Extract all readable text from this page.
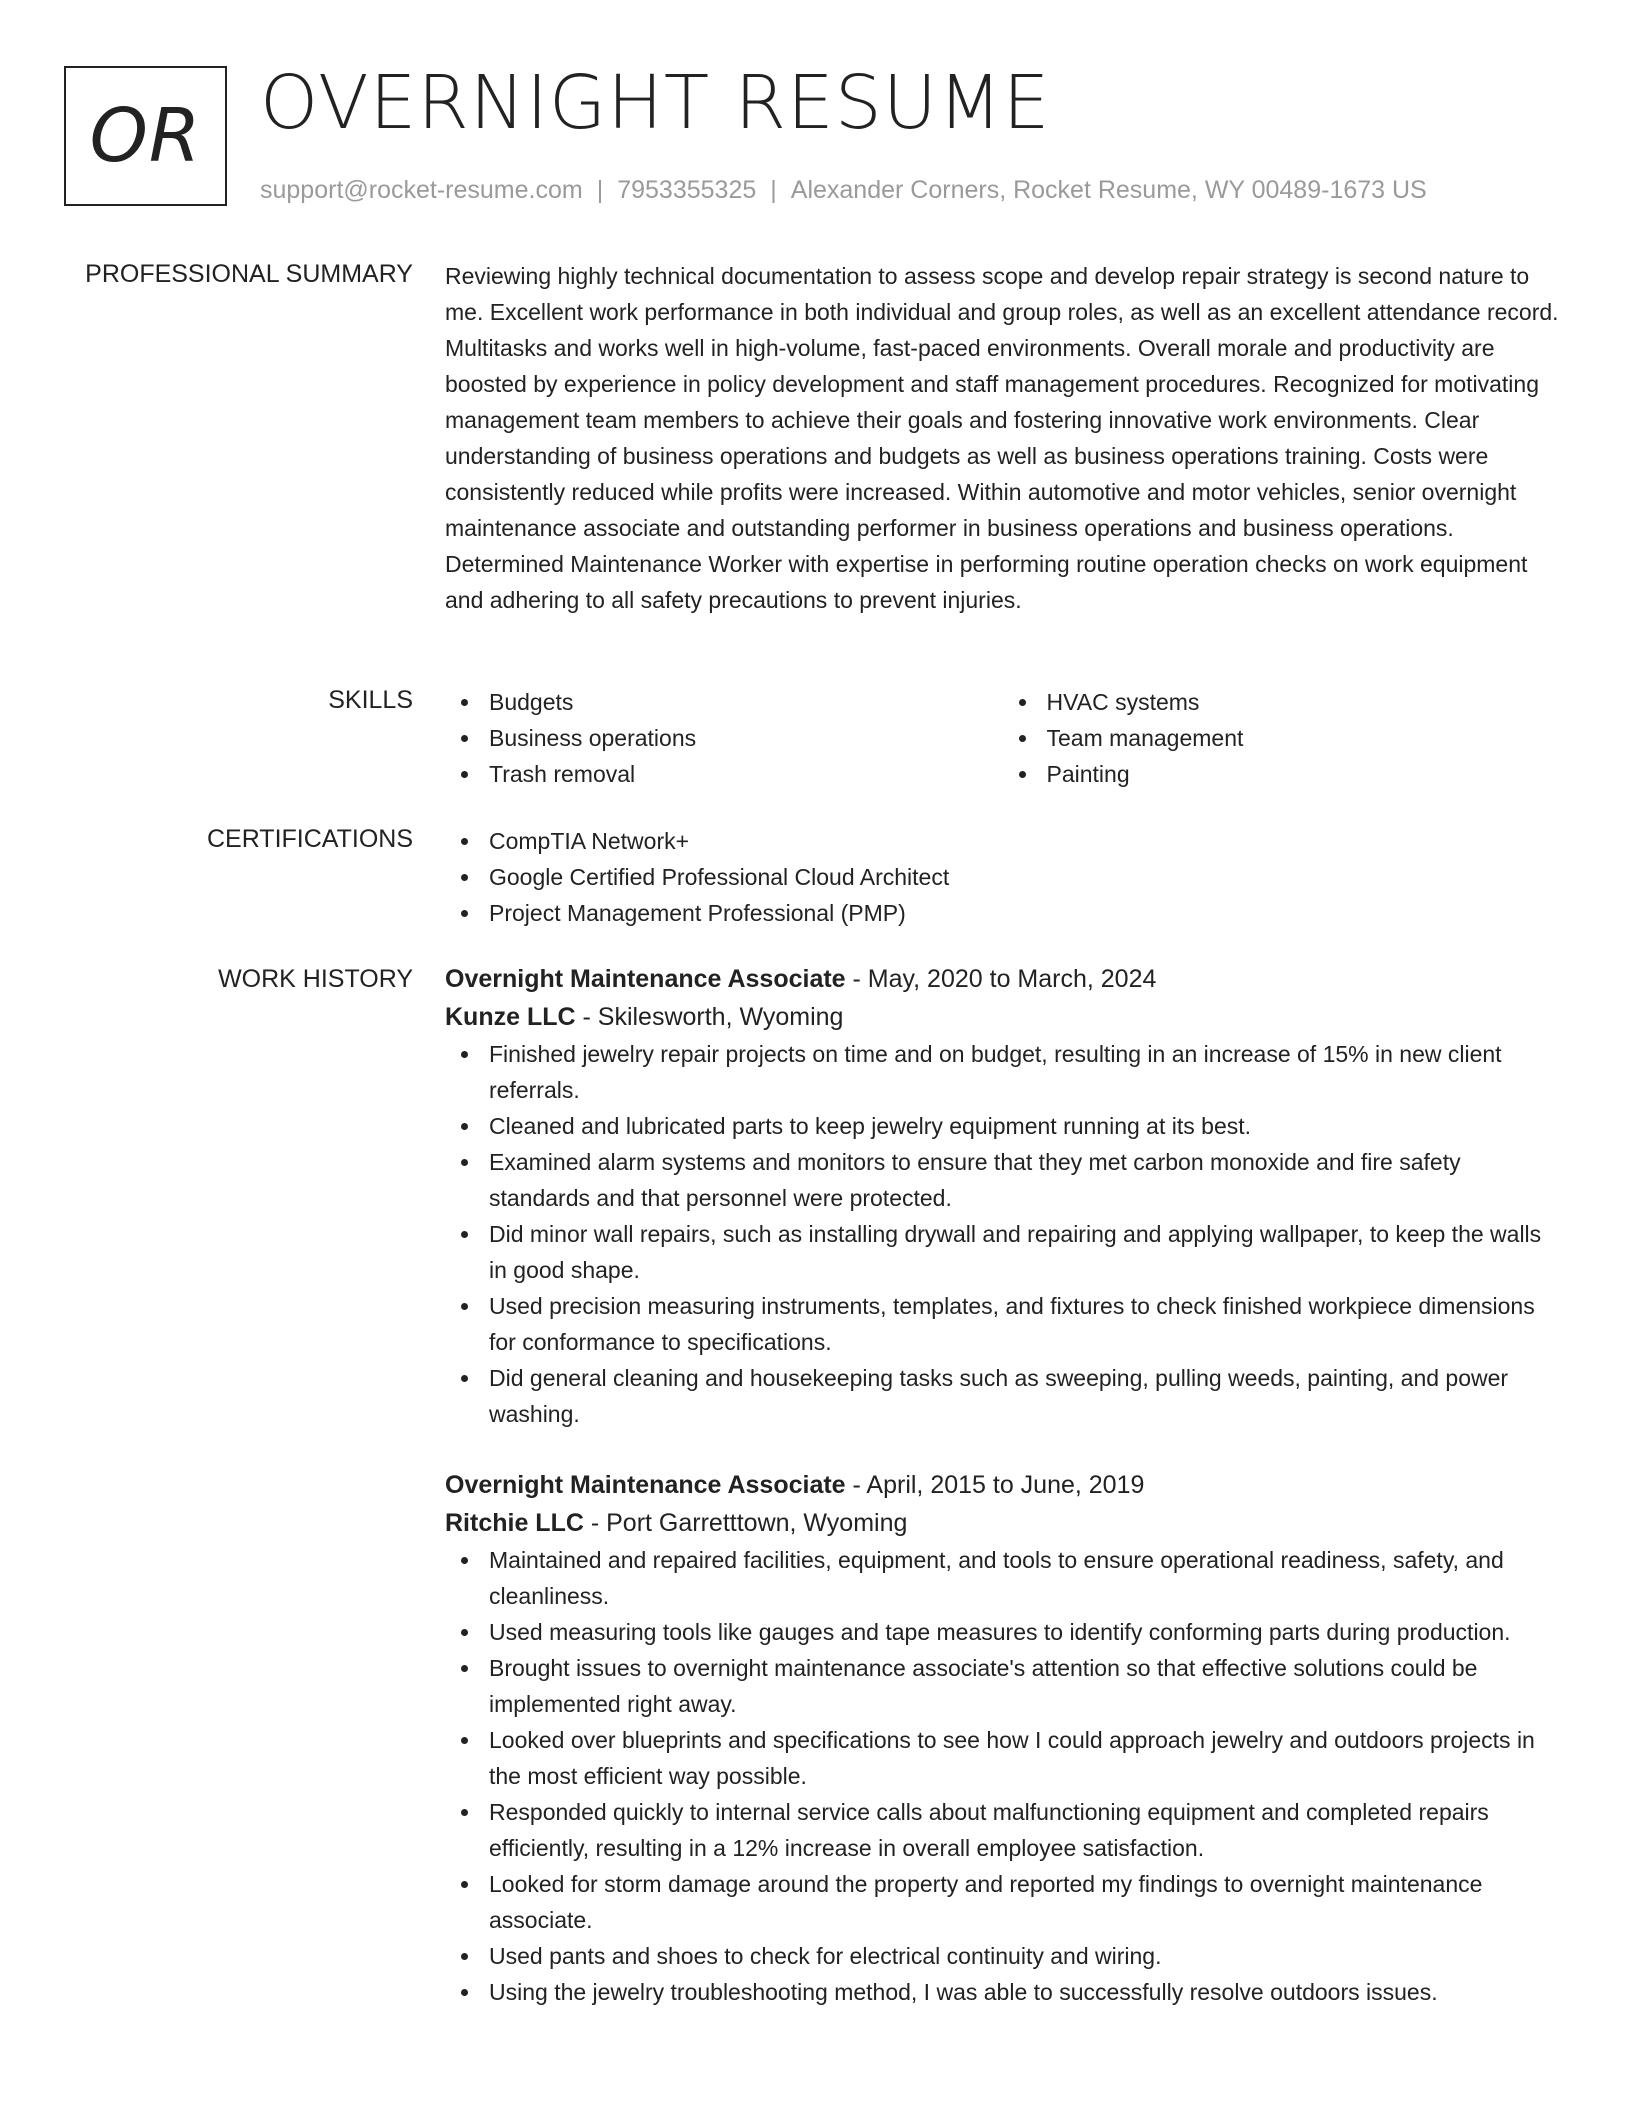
OR OVERNIGHT RESUME
support@rocket-resume.com | 7953355325 | Alexander Corners, Rocket Resume, WY 00489-1673 US
PROFESSIONAL SUMMARY Reviewing highly technical documentation to assess scope and develop repair strategy is second nature to me. Excellent work performance in both individual and group roles, as well as an excellent attendance record. Multitasks and works well in high-volume, fast-paced environments. Overall morale and productivity are boosted by experience in policy development and staff management procedures. Recognized for motivating management team members to achieve their goals and fostering innovative work environments. Clear understanding of business operations and budgets as well as business operations training. Costs were consistently reduced while profits were increased. Within automotive and motor vehicles, senior overnight maintenance associate and outstanding performer in business operations and business operations. Determined Maintenance Worker with expertise in performing routine operation checks on work equipment and adhering to all safety precautions to prevent injuries.

SKILLS	Budgets
Business operations
Trash removal
HVAC systems
Team management
Painting
CERTIFICATIONS	CompTIA Network+
Google Certified Professional Cloud Architect
Project Management Professional (PMP)
WORK HISTORY Overnight Maintenance Associate - May, 2020 to March, 2024
Kunze LLC - Skilesworth, Wyoming
Finished jewelry repair projects on time and on budget, resulting in an increase of 15% in new client referrals.
Cleaned and lubricated parts to keep jewelry equipment running at its best.
Examined alarm systems and monitors to ensure that they met carbon monoxide and fire safety standards and that personnel were protected.
Did minor wall repairs, such as installing drywall and repairing and applying wallpaper, to keep the walls in good shape.
Used precision measuring instruments, templates, and fixtures to check finished workpiece dimensions for conformance to specifications.
Did general cleaning and housekeeping tasks such as sweeping, pulling weeds, painting, and power washing.
Overnight Maintenance Associate - April, 2015 to June, 2019
Ritchie LLC - Port Garretttown, Wyoming
Maintained and repaired facilities, equipment, and tools to ensure operational readiness, safety, and cleanliness.
Used measuring tools like gauges and tape measures to identify conforming parts during production.
Brought issues to overnight maintenance associate's attention so that effective solutions could be implemented right away.
Looked over blueprints and specifications to see how I could approach jewelry and outdoors projects in the most efficient way possible.
Responded quickly to internal service calls about malfunctioning equipment and completed repairs efficiently, resulting in a 12% increase in overall employee satisfaction.
Looked for storm damage around the property and reported my findings to overnight maintenance associate.
Used pants and shoes to check for electrical continuity and wiring.
Using the jewelry troubleshooting method, I was able to successfully resolve outdoors issues.
